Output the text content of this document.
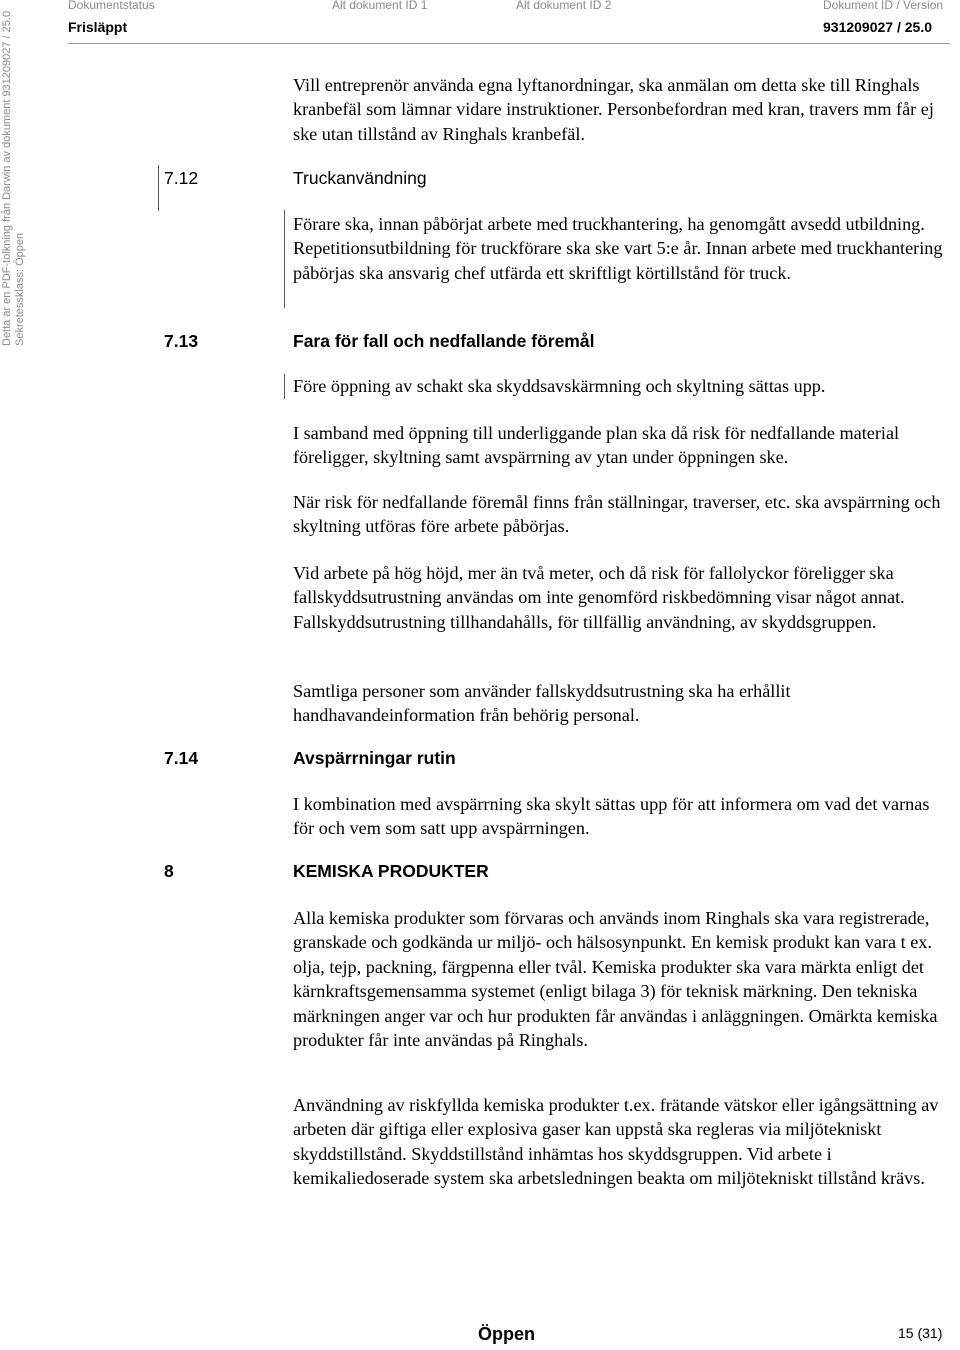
Dokumentstatus
Frisläppt
Alt dokument ID 1	Alt dokument ID 2	Dokument ID / Version
931209027 / 25.0
Detta är en PDF-tolkning från Darwin av dokument 931209027 / 25.0 Sekretessklass: Öppen

Vill entreprenör använda egna lyftanordningar, ska anmälan om detta ske till Ringhals kranbefäl som lämnar vidare instruktioner. Personbefordran med kran, travers mm får ej ske utan tillstånd av Ringhals kranbefäl.

7.12	Truckanvändning

Förare ska, innan påbörjat arbete med truckhantering, ha genomgått avsedd utbildning. Repetitionsutbildning för truckförare ska ske vart 5:e år. Innan arbete med truckhantering påbörjas ska ansvarig chef utfärda ett skriftligt körtillstånd för truck.

7.13	Fara för fall och nedfallande föremål

Före öppning av schakt ska skyddsavskärmning och skyltning sättas upp.

I samband med öppning till underliggande plan ska då risk för nedfallande material föreligger, skyltning samt avspärrning av ytan under öppningen ske.

När risk för nedfallande föremål finns från ställningar, traverser, etc. ska avspärrning och skyltning utföras före arbete påbörjas.

Vid arbete på hög höjd, mer än två meter, och då risk för fallolyckor föreligger ska fallskyddsutrustning användas om inte genomförd riskbedömning visar något annat. Fallskyddsutrustning tillhandahålls, för tillfällig användning, av skyddsgruppen.

Samtliga personer som använder fallskyddsutrustning ska ha erhållit handhavandeinformation från behörig personal.

7.14	Avspärrningar rutin

I kombination med avspärrning ska skylt sättas upp för att informera om vad det varnas för och vem som satt upp avspärrningen.

8	KEMISKA PRODUKTER

Alla kemiska produkter som förvaras och används inom Ringhals ska vara registrerade, granskade och godkända ur miljö- och hälsosynpunkt. En kemisk produkt kan vara t ex. olja, tejp, packning, färgpenna eller tvål. Kemiska produkter ska vara märkta enligt det kärnkraftsgemensamma systemet (enligt bilaga 3) för teknisk märkning. Den tekniska märkningen anger var och hur produkten får användas i anläggningen. Omärkta kemiska produkter får inte användas på Ringhals.

Användning av riskfyllda kemiska produkter t.ex. frätande vätskor eller igångsättning av arbeten där giftiga eller explosiva gaser kan uppstå ska regleras via miljötekniskt skyddstillstånd. Skyddstillstånd inhämtas hos skyddsgruppen. Vid arbete i kemikaliedoserade system ska arbetsledningen beakta om miljötekniskt tillstånd krävs.

Öppen	15 (31)
